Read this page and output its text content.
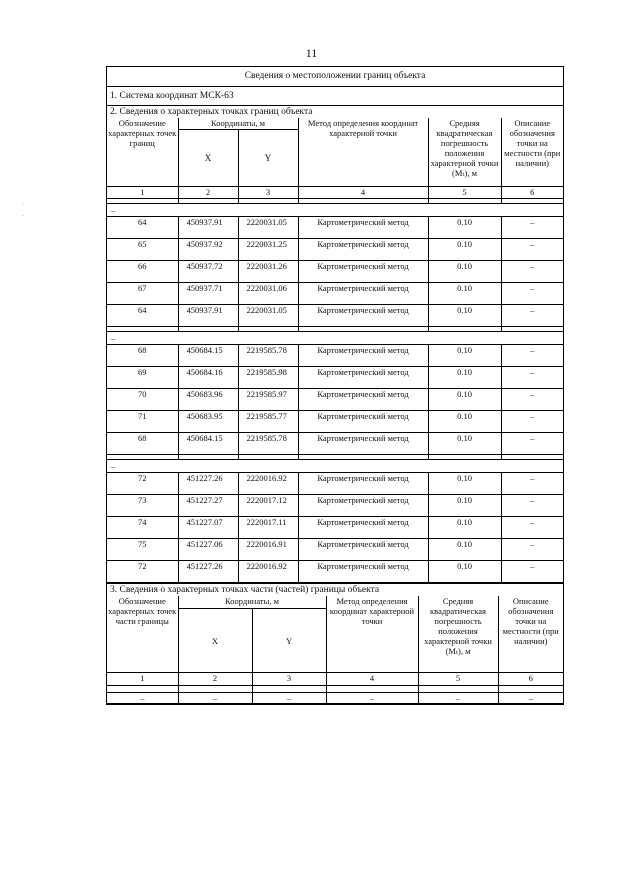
11
Сведения о местоположении границ объекта
1. Система координат МСК-63
2. Сведения о характерных точках границ объекта
Обозначение характерных точек границ	Координаты, м		Метод определения координат характерной точки	Средняя квадратическая погрешность положения характерной точки (Mₜ), м	Описание обозначения точки на местности (при наличии)
	X	Y			
1	2	3	4	5	6

–					
64	450937.91	2220031.05	Картометрический метод	0.10	–
65	450937.92	2220031.25	Картометрический метод	0.10	–
66	450937.72	2220031.26	Картометрический метод	0.10	–
67	450937.71	2220031.06	Картометрический метод	0.10	–
64	450937.91	2220031.05	Картометрический метод	0.10	–

–					
68	450684.15	2219585.78	Картометрический метод	0.10	–
69	450684.16	2219585.98	Картометрический метод	0.10	–
70	450683.96	2219585.97	Картометрический метод	0.10	–
71	450683.95	2219585.77	Картометрический метод	0.10	–
68	450684.15	2219585.78	Картометрический метод	0.10	–

–					
72	451227.26	2220016.92	Картометрический метод	0.10	–
73	451227.27	2220017.12	Картометрический метод	0.10	–
74	451227.07	2220017.11	Картометрический метод	0.10	–
75	451227.06	2220016.91	Картометрический метод	0.10	–
72	451227.26	2220016.92	Картометрический метод	0.10	–
3. Сведения о характерных точках части (частей) границы объекта
Обозначение характерных точек части границы	Координаты, м		Метод определения координат характерной точки	Средняя квадратическая погрешность положения характерной точки (Mₜ), м	Описание обозначения точки на местности (при наличии)
	X	Y			
1	2	3	4	5	6

–	–	–	–	–	–
·
·
